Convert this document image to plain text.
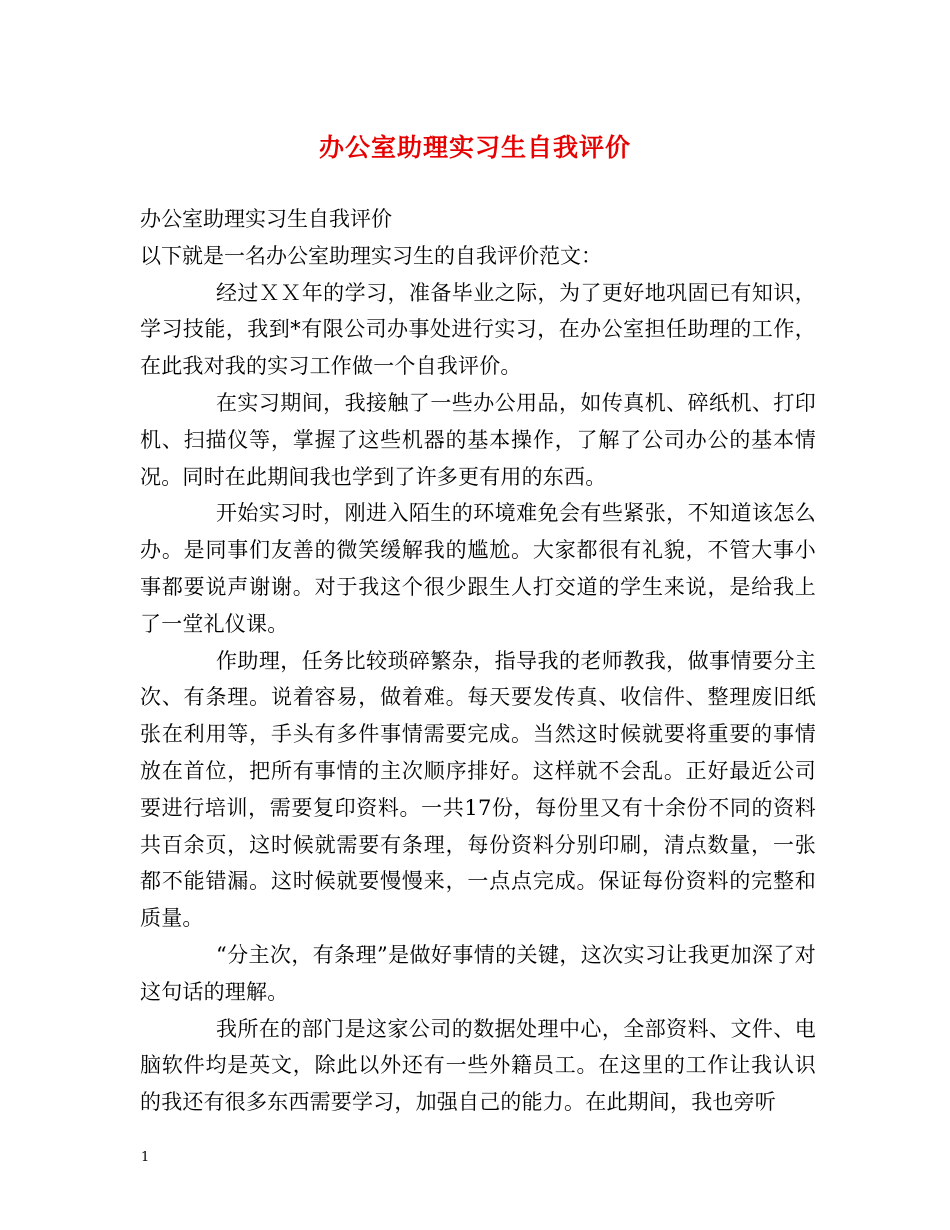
办公室助理实习生自我评价

办公室助理实习生自我评价

以下就是一名办公室助理实习生的自我评价范文：

经过ＸＸ年的学习，准备毕业之际，为了更好地巩固已有知识，学习技能，我到*有限公司办事处进行实习，在办公室担任助理的工作，在此我对我的实习工作做一个自我评价。

在实习期间，我接触了一些办公用品，如传真机、碎纸机、打印机、扫描仪等，掌握了这些机器的基本操作，了解了公司办公的基本情况。同时在此期间我也学到了许多更有用的东西。

开始实习时，刚进入陌生的环境难免会有些紧张，不知道该怎么办。是同事们友善的微笑缓解我的尴尬。大家都很有礼貌，不管大事小事都要说声谢谢。对于我这个很少跟生人打交道的学生来说，是给我上了一堂礼仪课。

作助理，任务比较琐碎繁杂，指导我的老师教我，做事情要分主次、有条理。说着容易，做着难。每天要发传真、收信件、整理废旧纸张在利用等，手头有多件事情需要完成。当然这时候就要将重要的事情放在首位，把所有事情的主次顺序排好。这样就不会乱。正好最近公司要进行培训，需要复印资料。一共17份，每份里又有十余份不同的资料共百余页，这时候就需要有条理，每份资料分别印刷，清点数量，一张都不能错漏。这时候就要慢慢来，一点点完成。保证每份资料的完整和质量。

“分主次，有条理”是做好事情的关键，这次实习让我更加深了对这句话的理解。

我所在的部门是这家公司的数据处理中心，全部资料、文件、电脑软件均是英文，除此以外还有一些外籍员工。在这里的工作让我认识的我还有很多东西需要学习，加强自己的能力。在此期间，我也旁听

1
